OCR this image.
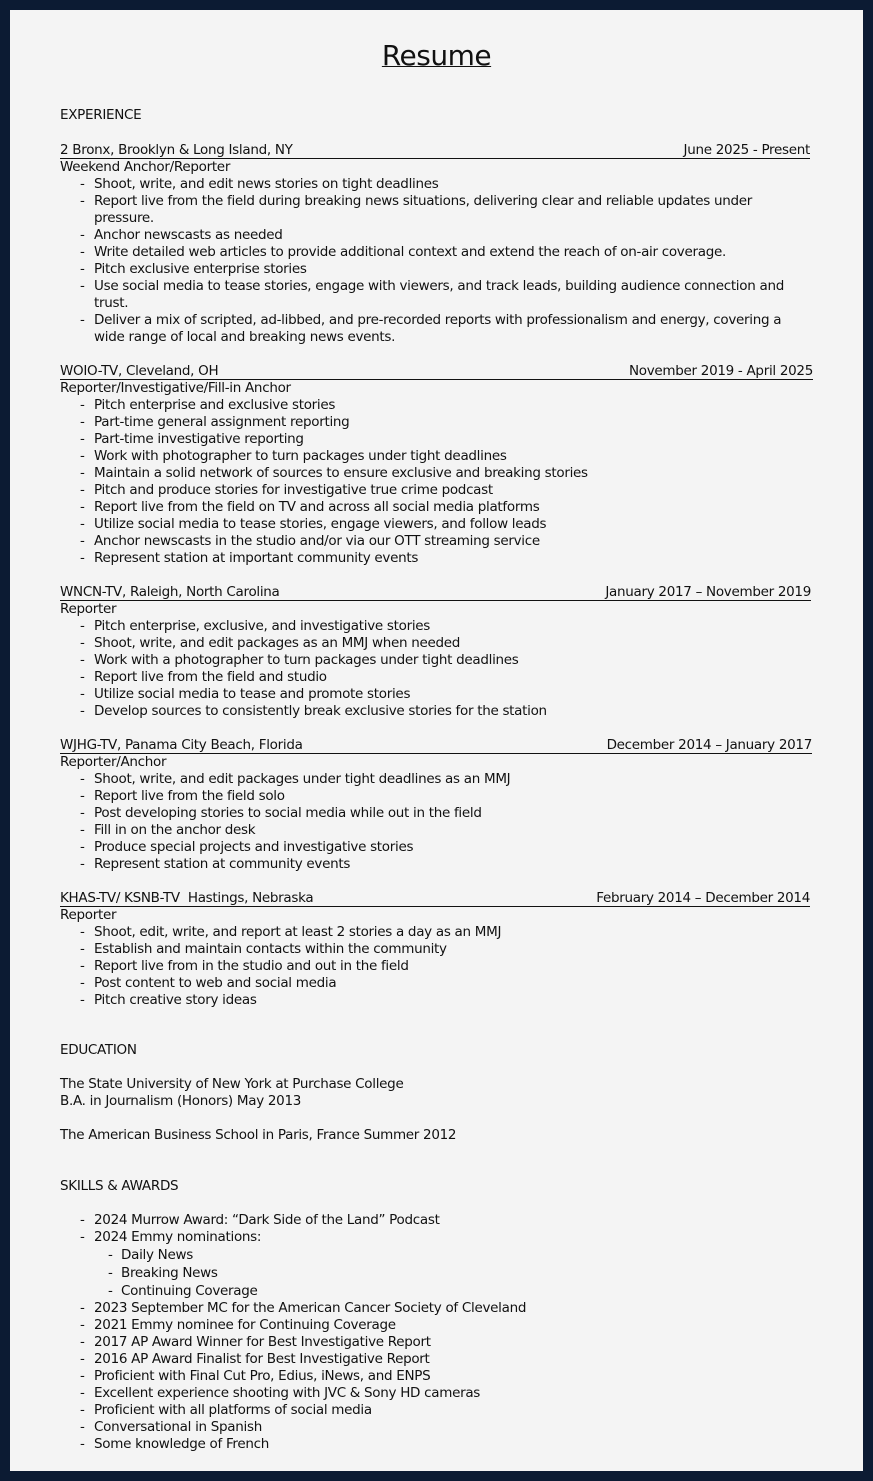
Resume
EXPERIENCE
2 Bronx, Brooklyn & Long Island, NY	June 2025 - Present
Weekend Anchor/Reporter
- Shoot, write, and edit news stories on tight deadlines
- Report live from the field during breaking news situations, delivering clear and reliable updates under pressure.
- Anchor newscasts as needed
- Write detailed web articles to provide additional context and extend the reach of on-air coverage.
- Pitch exclusive enterprise stories
- Use social media to tease stories, engage with viewers, and track leads, building audience connection and trust.
- Deliver a mix of scripted, ad-libbed, and pre-recorded reports with professionalism and energy, covering a wide range of local and breaking news events.
WOIO-TV, Cleveland, OH	November 2019 - April 2025
Reporter/Investigative/Fill-in Anchor
- Pitch enterprise and exclusive stories
- Part-time general assignment reporting
- Part-time investigative reporting
- Work with photographer to turn packages under tight deadlines
- Maintain a solid network of sources to ensure exclusive and breaking stories
- Pitch and produce stories for investigative true crime podcast
- Report live from the field on TV and across all social media platforms
- Utilize social media to tease stories, engage viewers, and follow leads
- Anchor newscasts in the studio and/or via our OTT streaming service
- Represent station at important community events
WNCN-TV, Raleigh, North Carolina	January 2017 – November 2019
Reporter
- Pitch enterprise, exclusive, and investigative stories
- Shoot, write, and edit packages as an MMJ when needed
- Work with a photographer to turn packages under tight deadlines
- Report live from the field and studio
- Utilize social media to tease and promote stories
- Develop sources to consistently break exclusive stories for the station
WJHG-TV, Panama City Beach, Florida	December 2014 – January 2017
Reporter/Anchor
- Shoot, write, and edit packages under tight deadlines as an MMJ
- Report live from the field solo
- Post developing stories to social media while out in the field
- Fill in on the anchor desk
- Produce special projects and investigative stories
- Represent station at community events
KHAS-TV/ KSNB-TV  Hastings, Nebraska	February 2014 – December 2014
Reporter
- Shoot, edit, write, and report at least 2 stories a day as an MMJ
- Establish and maintain contacts within the community
- Report live from in the studio and out in the field
- Post content to web and social media
- Pitch creative story ideas
EDUCATION
The State University of New York at Purchase College
B.A. in Journalism (Honors) May 2013
The American Business School in Paris, France Summer 2012
SKILLS & AWARDS
- 2024 Murrow Award: “Dark Side of the Land” Podcast
- 2024 Emmy nominations:
- Daily News
- Breaking News
- Continuing Coverage
- 2023 September MC for the American Cancer Society of Cleveland
- 2021 Emmy nominee for Continuing Coverage
- 2017 AP Award Winner for Best Investigative Report
- 2016 AP Award Finalist for Best Investigative Report
- Proficient with Final Cut Pro, Edius, iNews, and ENPS
- Excellent experience shooting with JVC & Sony HD cameras
- Proficient with all platforms of social media
- Conversational in Spanish
- Some knowledge of French
